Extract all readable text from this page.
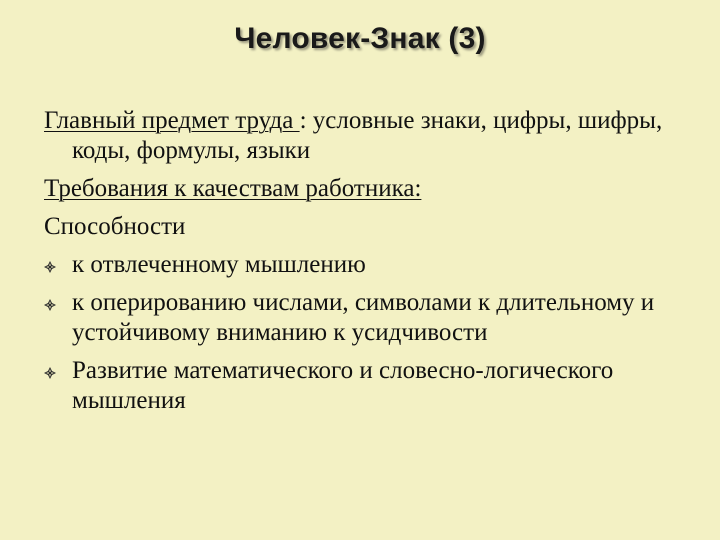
Человек-Знак (3)

Главный предмет труда : условные знаки, цифры, шифры, коды, формулы, языки

Требования к качествам работника:

Способности

к отвлеченному мышлению
к оперированию числами, символами к длительному и устойчивому вниманию к усидчивости
Развитие математического и словесно-логического мышления
